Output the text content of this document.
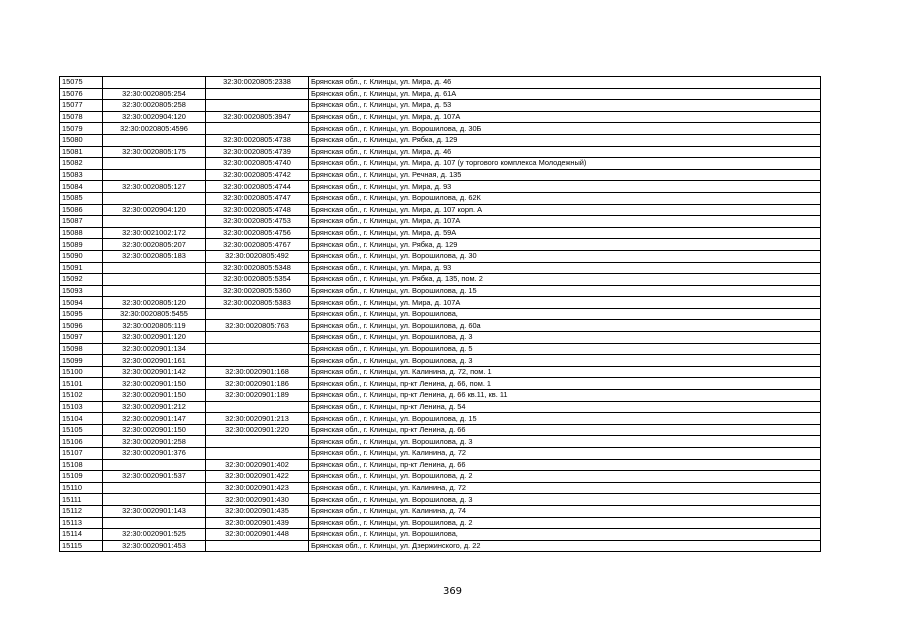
15075		32:30:0020805:2338	Брянская обл., г. Клинцы, ул. Мира, д. 46
15076	32:30:0020805:254		Брянская обл., г. Клинцы, ул. Мира, д. 61А
15077	32:30:0020805:258		Брянская обл., г. Клинцы, ул. Мира, д. 53
15078	32:30:0020904:120	32:30:0020805:3947	Брянская обл., г. Клинцы, ул. Мира, д. 107А
15079	32:30:0020805:4596		Брянская обл., г. Клинцы, ул. Ворошилова, д. 30Б
15080		32:30:0020805:4738	Брянская обл., г. Клинцы, ул. Рябка, д. 129
15081	32:30:0020805:175	32:30:0020805:4739	Брянская обл., г. Клинцы, ул. Мира, д. 46
15082		32:30:0020805:4740	Брянская обл., г. Клинцы, ул. Мира, д. 107 (у торгового комплекса Молодежный)
15083		32:30:0020805:4742	Брянская обл., г. Клинцы, ул. Речная, д. 135
15084	32:30:0020805:127	32:30:0020805:4744	Брянская обл., г. Клинцы, ул. Мира, д. 93
15085		32:30:0020805:4747	Брянская обл., г. Клинцы, ул. Ворошилова, д. 62К
15086	32:30:0020904:120	32:30:0020805:4748	Брянская обл., г. Клинцы, ул. Мира, д. 107 корп. А
15087		32:30:0020805:4753	Брянская обл., г. Клинцы, ул. Мира, д. 107А
15088	32:30:0021002:172	32:30:0020805:4756	Брянская обл., г. Клинцы, ул. Мира, д. 59А
15089	32:30:0020805:207	32:30:0020805:4767	Брянская обл., г. Клинцы, ул. Рябка, д. 129
15090	32:30:0020805:183	32:30:0020805:492	Брянская обл., г. Клинцы, ул. Ворошилова, д. 30
15091		32:30:0020805:5348	Брянская обл., г. Клинцы, ул. Мира, д. 93
15092		32:30:0020805:5354	Брянская обл., г. Клинцы, ул. Рябка, д. 135, пом. 2
15093		32:30:0020805:5360	Брянская обл., г. Клинцы, ул. Ворошилова, д. 15
15094	32:30:0020805:120	32:30:0020805:5383	Брянская обл., г. Клинцы, ул. Мира, д. 107А
15095	32:30:0020805:5455		Брянская обл., г. Клинцы, ул. Ворошилова,
15096	32:30:0020805:119	32:30:0020805:763	Брянская обл., г. Клинцы, ул. Ворошилова, д. 60а
15097	32:30:0020901:120		Брянская обл., г. Клинцы, ул. Ворошилова, д. 3
15098	32:30:0020901:134		Брянская обл., г. Клинцы, ул. Ворошилова, д. 5
15099	32:30:0020901:161		Брянская обл., г. Клинцы, ул. Ворошилова, д. 3
15100	32:30:0020901:142	32:30:0020901:168	Брянская обл., г. Клинцы, ул. Калинина, д. 72, пом. 1
15101	32:30:0020901:150	32:30:0020901:186	Брянская обл., г. Клинцы, пр-кт Ленина, д. 66, пом. 1
15102	32:30:0020901:150	32:30:0020901:189	Брянская обл., г. Клинцы, пр-кт Ленина, д. 66 кв.11, кв. 11
15103	32:30:0020901:212		Брянская обл., г. Клинцы, пр-кт Ленина, д. 54
15104	32:30:0020901:147	32:30:0020901:213	Брянская обл., г. Клинцы, ул. Ворошилова, д. 15
15105	32:30:0020901:150	32:30:0020901:220	Брянская обл., г. Клинцы, пр-кт Ленина, д. 66
15106	32:30:0020901:258		Брянская обл., г. Клинцы, ул. Ворошилова, д. 3
15107	32:30:0020901:376		Брянская обл., г. Клинцы, ул. Калинина, д. 72
15108		32:30:0020901:402	Брянская обл., г. Клинцы, пр-кт Ленина, д. 66
15109	32:30:0020901:537	32:30:0020901:422	Брянская обл., г. Клинцы, ул. Ворошилова, д. 2
15110		32:30:0020901:423	Брянская обл., г. Клинцы, ул. Калинина, д. 72
15111		32:30:0020901:430	Брянская обл., г. Клинцы, ул. Ворошилова, д. 3
15112	32:30:0020901:143	32:30:0020901:435	Брянская обл., г. Клинцы, ул. Калинина, д. 74
15113		32:30:0020901:439	Брянская обл., г. Клинцы, ул. Ворошилова, д. 2
15114	32:30:0020901:525	32:30:0020901:448	Брянская обл., г. Клинцы, ул. Ворошилова,
15115	32:30:0020901:453		Брянская обл., г. Клинцы, ул. Дзержинского, д. 22
369
